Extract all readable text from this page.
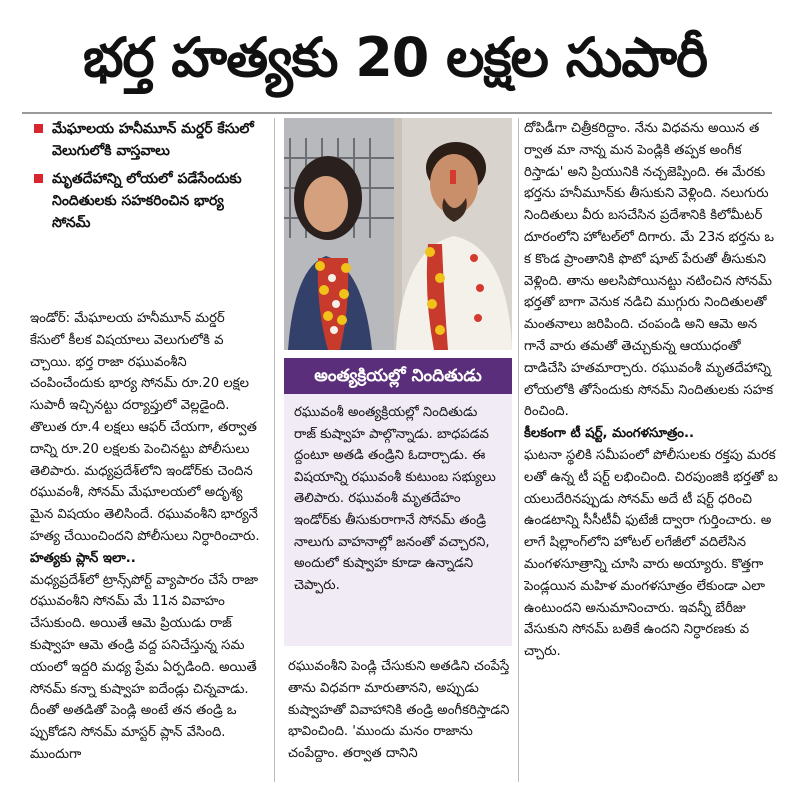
భర్త హత్యకు 20 లక్షల సుపారీ
మేఘాలయ హనీమూన్ మర్డర్ కేసులో వెలుగులోకి వాస్తవాలు
మృతదేహాన్ని లోయలో పడేసేందుకు నిందితులకు సహకరించిన భార్య సోనమ్

ఇండోర్: మేఘాలయ హనీమూన్ మర్డర్ కేసులో కీలక విషయాలు వెలుగులోకి వచ్చాయి. భర్త రాజా రఘువంశీని చంపించేందుకు భార్య సోనమ్ రూ.20 లక్షల సుపారీ ఇచ్చినట్టు దర్యాప్తులో వెల్లడైంది. తొలుత రూ.4 లక్షలు ఆఫర్ చేయగా, తర్వాత దాన్ని రూ.20 లక్షలకు పెంచినట్టు పోలీసులు తెలిపారు. మధ్యప్రదేశ్‌లోని ఇండోర్‌కు చెందిన రఘువంశీ, సోనమ్ మేఘాలయలో అదృశ్యమైన విషయం తెలిసిందే. రఘువంశీని భార్యనే హత్య చేయించిందని పోలీసులు నిర్ధారించారు.

హత్యకు ప్లాన్ ఇలా..

మధ్యప్రదేశ్‌లో ట్రాన్స్‌పోర్ట్ వ్యాపారం చేసే రాజా రఘువంశీని సోనమ్ మే 11న వివాహం చేసుకుంది. అయితే ఆమె ప్రియుడు రాజ్ కుష్వాహ ఆమె తండ్రి వద్ద పనిచేస్తున్న సమయంలో ఇద్దరి మధ్య ప్రేమ ఏర్పడింది. అయితే సోనమ్ కన్నా కుష్వాహ ఐదేండ్లు చిన్నవాడు. దీంతో అతడితో పెండ్లి అంటే తన తండ్రి ఒప్పుకోడని సోనమ్ మాస్టర్ ప్లాన్ వేసింది. ముందుగా

అంత్యక్రియల్లో నిందితుడు

రఘువంశీ అంత్యక్రియల్లో నిందితుడు రాజ్ కుష్వాహ పాల్గొన్నాడు. బాధపడవద్దంటూ అతడి తండ్రిని ఓదార్చాడు. ఈ విషయాన్ని రఘువంశీ కుటుంబ సభ్యులు తెలిపారు. రఘువంశీ మృతదేహం ఇండోర్‌కు తీసుకురాగానే సోనమ్ తండ్రి నాలుగు వాహనాల్లో జనంతో వచ్చారని, అందులో కుష్వాహ కూడా ఉన్నాడని చెప్పారు.

రఘువంశీని పెండ్లి చేసుకుని అతడిని చంపేస్తే తాను విధవగా మారుతానని, అప్పుడు కుష్వాహతో వివాహానికి తండ్రి అంగీకరిస్తాడని భావించింది. 'ముందు మనం రాజాను చంపేద్దాం. తర్వాత దానిని

దోపిడీగా చిత్రీకరిద్దాం. నేను విధవను అయిన తర్వాత మా నాన్న మన పెండ్లికి తప్పక అంగీకరిస్తాడు' అని ప్రియునికి నచ్చజెప్పింది. ఈ మేరకు భర్తను హనీమూన్‌కు తీసుకుని వెళ్లింది. నలుగురు నిందితులు వీరు బసచేసిన ప్రదేశానికి కిలోమీటర్ దూరంలోని హోటల్‌లో దిగారు. మే 23న భర్తను ఒక కొండ ప్రాంతానికి ఫొటో షూట్ పేరుతో తీసుకుని వెళ్లింది. తాను అలసిపోయినట్టు నటించిన సోనమ్ భర్తతో బాగా వెనుక నడిచి ముగ్గురు నిందితులతో మంతనాలు జరిపింది. చంపండి అని ఆమె అనగానే వారు తమతో తెచ్చుకున్న ఆయుధంతో దాడిచేసి హతమార్చారు. రఘువంశీ మృతదేహాన్ని లోయలోకి తోసేందుకు సోనమ్ నిందితులకు సహకరించింది.

కీలకంగా టీ షర్ట్, మంగళసూత్రం..

ఘటనా స్థలికి సమీపంలో పోలీసులకు రక్తపు మరకలతో ఉన్న టీ షర్ట్ లభించింది. చిరపుంజికి భర్తతో బయలుదేరినప్పుడు సోనమ్ అదే టీ షర్ట్ ధరించి ఉండటాన్ని సీసీటీవీ ఫుటేజీ ద్వారా గుర్తించారు. అలాగే షిల్లాంగ్‌లోని హోటల్ లగేజీలో వదిలేసిన మంగళసూత్రాన్ని చూసి వారు అయ్యారు. కొత్తగా పెండ్లయిన మహిళ మంగళసూత్రం లేకుండా ఎలా ఉంటుందని అనుమానించారు. ఇవన్నీ బేరీజు వేసుకుని సోనమ్ బతికే ఉందని నిర్ధారణకు వచ్చారు.
